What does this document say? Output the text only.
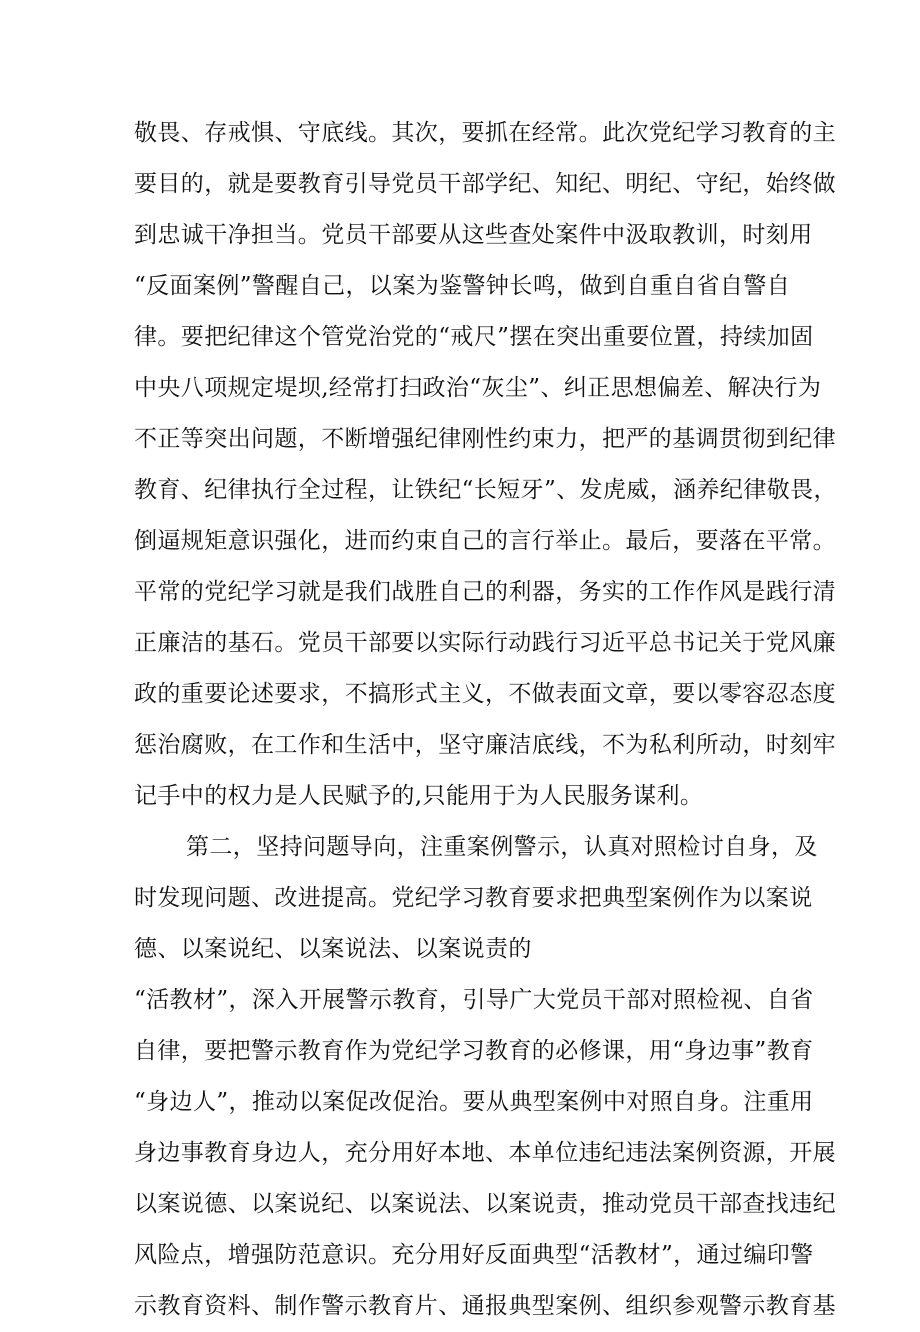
敬畏、存戒惧、守底线。其次，要抓在经常。此次党纪学习教育的主
要目的，就是要教育引导党员干部学纪、知纪、明纪、守纪，始终做
到忠诚干净担当。党员干部要从这些查处案件中汲取教训，时刻用
“反面案例”警醒自己，以案为鉴警钟长鸣，做到自重自省自警自
律。要把纪律这个管党治党的“戒尺”摆在突出重要位置，持续加固
中央八项规定堤坝,经常打扫政治“灰尘”、纠正思想偏差、解决行为
不正等突出问题，不断增强纪律刚性约束力，把严的基调贯彻到纪律
教育、纪律执行全过程，让铁纪“长短牙”、发虎威，涵养纪律敬畏，
倒逼规矩意识强化，进而约束自己的言行举止。最后，要落在平常。
平常的党纪学习就是我们战胜自己的利器，务实的工作作风是践行清
正廉洁的基石。党员干部要以实际行动践行习近平总书记关于党风廉
政的重要论述要求，不搞形式主义，不做表面文章，要以零容忍态度
惩治腐败，在工作和生活中，坚守廉洁底线，不为私利所动，时刻牢
记手中的权力是人民赋予的,只能用于为人民服务谋利。
第二，坚持问题导向，注重案例警示，认真对照检讨自身，及
时发现问题、改进提高。党纪学习教育要求把典型案例作为以案说
德、以案说纪、以案说法、以案说责的
“活教材”，深入开展警示教育，引导广大党员干部对照检视、自省
自律，要把警示教育作为党纪学习教育的必修课，用“身边事”教育
“身边人”，推动以案促改促治。要从典型案例中对照自身。注重用
身边事教育身边人，充分用好本地、本单位违纪违法案例资源，开展
以案说德、以案说纪、以案说法、以案说责，推动党员干部查找违纪
风险点，增强防范意识。充分用好反面典型“活教材”，通过编印警
示教育资料、制作警示教育片、通报典型案例、组织参观警示教育基
